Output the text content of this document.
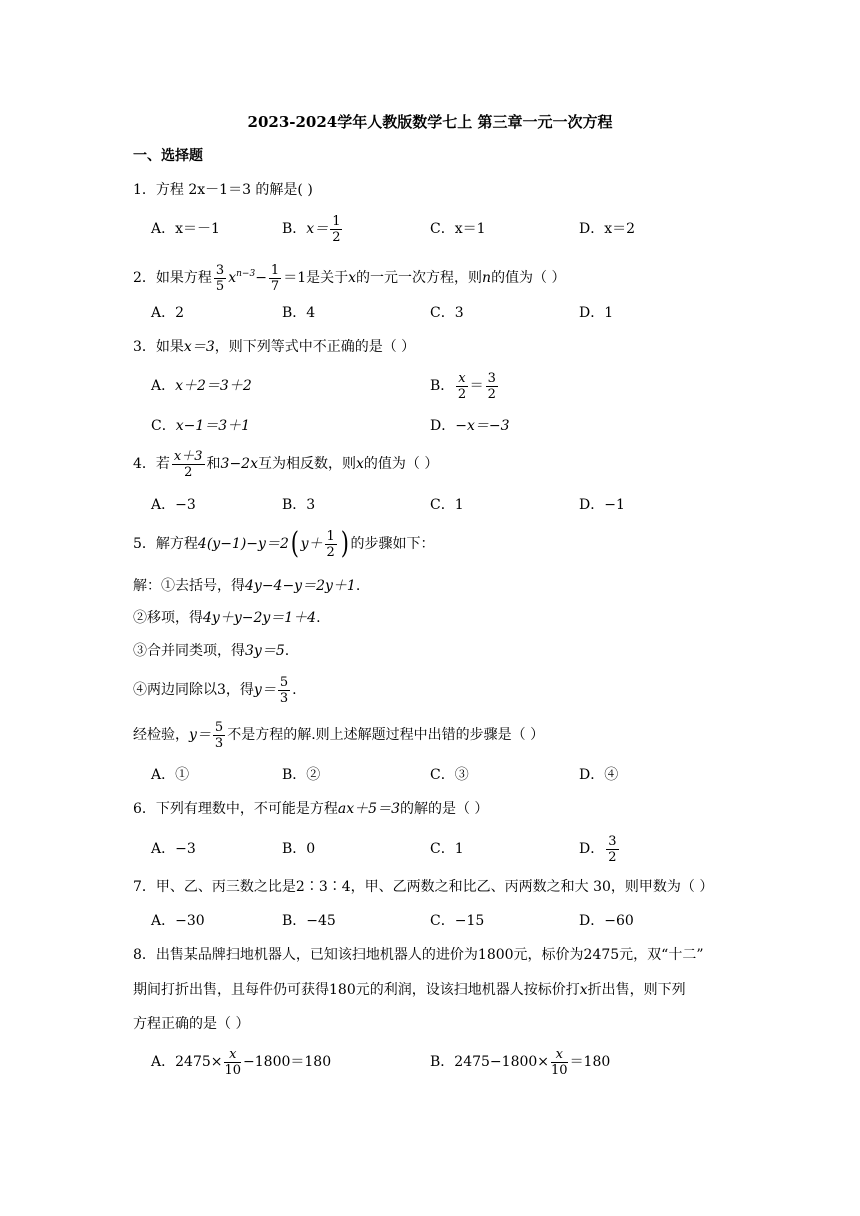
2023-2024学年人教版数学七上 第三章一元一次方程
一、选择题
1．方程 2x－1＝3 的解是( )
A．x＝－1	B．$x= \frac{1}{2}$	C．x＝1	D．x＝2
2．如果方程 $\frac{3}{5} x^{n-3}- \frac{1}{7} =1$是关于x的一元一次方程，则n的值为（ ）
A．2	B．4	C．3	D．1
3．如果x＝3，则下列等式中不正确的是（ ）
A．x＋2＝3＋2	B． $\frac{x}{2} = \frac{3}{2}$
C．x−1＝3＋1	D．−x＝−3
4．若 $\frac{x+3}{2}$ 和3−2x互为相反数，则x的值为（ ）
A．−3	B．3	C．1	D．−1
5．解方程4(y−1)−y＝2( $y+ \frac{1}{2}$ ) 的步骤如下：
解：①去括号，得4y−4−y＝2y＋1.
②移项，得4y＋y−2y＝1＋4.
③合并同类项，得3y＝5.
④两边同除以3，得$y= \frac{5}{3}$ .
经检验，$y= \frac{5}{3}$ 不是方程的解.则上述解题过程中出错的步骤是（ ）
A．①	B．②	C．③	D．④
6．下列有理数中，不可能是方程ax＋5＝3的解的是（ ）
A．−3	B．0	C．1	D． $\frac{3}{2}$
7．甲、乙、丙三数之比是2∶3∶4，甲、乙两数之和比乙、丙两数之和大 30，则甲数为（ ）
A．−30	B．−45	C．−15	D．−60
8．出售某品牌扫地机器人，已知该扫地机器人的进价为1800元，标价为2475元，双“十二”
期间打折出售，且每件仍可获得180元的利润，设该扫地机器人按标价打x折出售，则下列
方程正确的是（ ）
A．$2475\times \frac{x}{10} -1800=180$	B．$2475-1800\times \frac{x}{10} =180$
